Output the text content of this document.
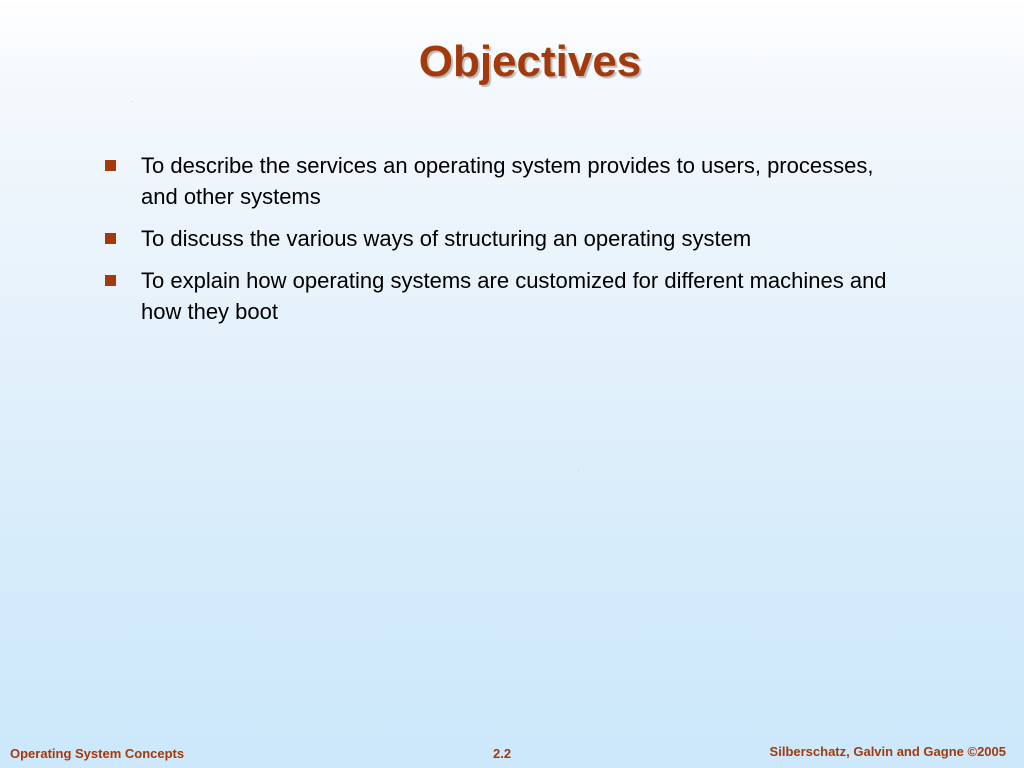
Objectives
To describe the services an operating system provides to users, processes, and other systems
To discuss the various ways of structuring an operating system
To explain how operating systems are customized for different machines and how they boot
Operating System Concepts	2.2	Silberschatz, Galvin and Gagne ©2005
